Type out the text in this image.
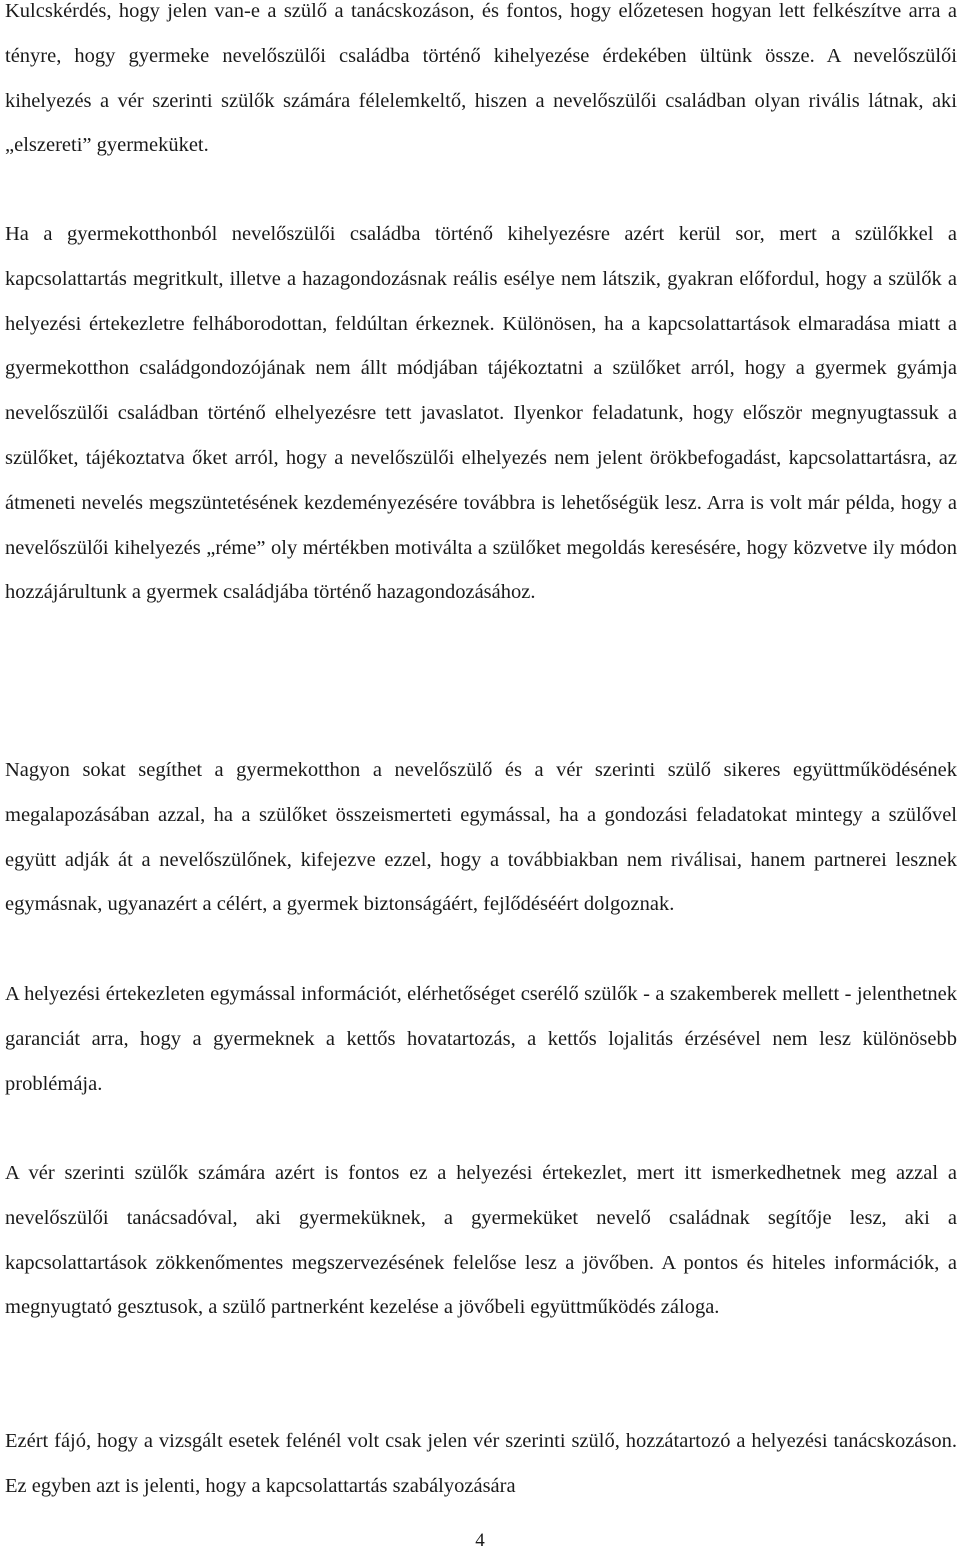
Kulcskérdés, hogy jelen van-e a szülő a tanácskozáson, és fontos, hogy előzetesen hogyan lett felkészítve arra a tényre, hogy gyermeke nevelőszülői családba történő kihelyezése érdekében ültünk össze. A nevelőszülői kihelyezés a vér szerinti szülők számára félelemkeltő, hiszen a nevelőszülői családban olyan rivális látnak, aki „elszereti” gyermeküket.

Ha a gyermekotthonból nevelőszülői családba történő kihelyezésre azért kerül sor, mert a szülőkkel a kapcsolattartás megritkult, illetve a hazagondozásnak reális esélye nem látszik, gyakran előfordul, hogy a szülők a helyezési értekezletre felháborodottan, feldúltan érkeznek. Különösen, ha a kapcsolattartások elmaradása miatt a gyermekotthon családgondozójának nem állt módjában tájékoztatni a szülőket arról, hogy a gyermek gyámja nevelőszülői családban történő elhelyezésre tett javaslatot. Ilyenkor feladatunk, hogy először megnyugtassuk a szülőket, tájékoztatva őket arról, hogy a nevelőszülői elhelyezés nem jelent örökbefogadást, kapcsolattartásra, az átmeneti nevelés megszüntetésének kezdeményezésére továbbra is lehetőségük lesz. Arra is volt már példa, hogy a nevelőszülői kihelyezés „réme” oly mértékben motiválta a szülőket megoldás keresésére, hogy közvetve ily módon hozzájárultunk a gyermek családjába történő hazagondozásához.

Nagyon sokat segíthet a gyermekotthon a nevelőszülő és a vér szerinti szülő sikeres együttműködésének megalapozásában azzal, ha a szülőket összeismerteti egymással, ha a gondozási feladatokat mintegy a szülővel együtt adják át a nevelőszülőnek, kifejezve ezzel, hogy a továbbiakban nem riválisai, hanem partnerei lesznek egymásnak, ugyanazért a célért, a gyermek biztonságáért, fejlődéséért dolgoznak.

A helyezési értekezleten egymással információt, elérhetőséget cserélő szülők - a szakemberek mellett - jelenthetnek garanciát arra, hogy a gyermeknek a kettős hovatartozás, a kettős lojalitás érzésével nem lesz különösebb problémája.

A vér szerinti szülők számára azért is fontos ez a helyezési értekezlet, mert itt ismerkedhetnek meg azzal a nevelőszülői tanácsadóval, aki gyermeküknek, a gyermeküket nevelő családnak segítője lesz, aki a kapcsolattartások zökkenőmentes megszervezésének felelőse lesz a jövőben. A pontos és hiteles információk, a megnyugtató gesztusok, a szülő partnerként kezelése a jövőbeli együttműködés záloga.

Ezért fájó, hogy a vizsgált esetek felénél volt csak jelen vér szerinti szülő, hozzátartozó a helyezési tanácskozáson. Ez egyben azt is jelenti, hogy a kapcsolattartás szabályozására

4
